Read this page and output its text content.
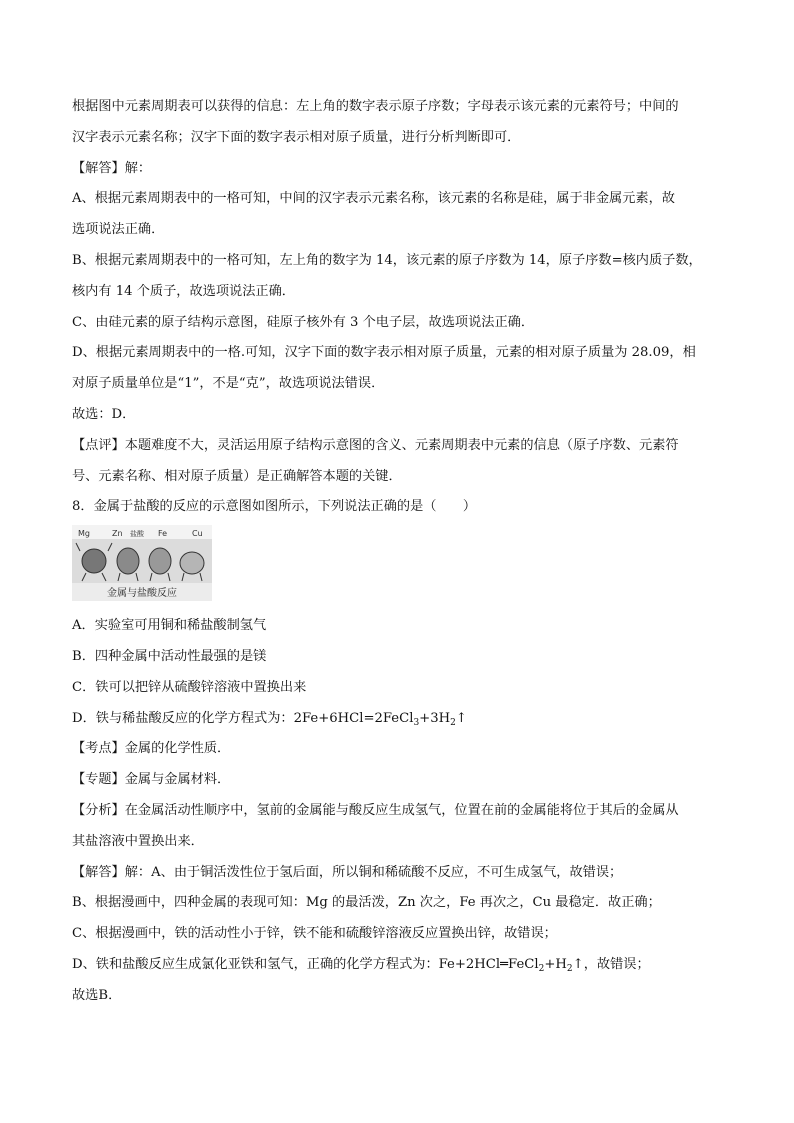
根据图中元素周期表可以获得的信息：左上角的数字表示原子序数；字母表示该元素的元素符号；中间的
汉字表示元素名称；汉字下面的数字表示相对原子质量，进行分析判断即可．
【解答】解：
A、根据元素周期表中的一格可知，中间的汉字表示元素名称，该元素的名称是硅，属于非金属元素，故
选项说法正确．
B、根据元素周期表中的一格可知，左上角的数字为 14，该元素的原子序数为 14，原子序数=核内质子数，
核内有 14 个质子，故选项说法正确．
C、由硅元素的原子结构示意图，硅原子核外有 3 个电子层，故选项说法正确．
D、根据元素周期表中的一格.可知，汉字下面的数字表示相对原子质量，元素的相对原子质量为 28.09，相
对原子质量单位是“1”，不是“克”，故选项说法错误．
故选：D．
【点评】本题难度不大，灵活运用原子结构示意图的含义、元素周期表中元素的信息（原子序数、元素符
号、元素名称、相对原子质量）是正确解答本题的关键．
8．金属于盐酸的反应的示意图如图所示，下列说法正确的是（　　）
Mg	Zn 盐酸 Fe	Cu
金属与盐酸反应
A．实验室可用铜和稀盐酸制氢气
B．四种金属中活动性最强的是镁
C．铁可以把锌从硫酸锌溶液中置换出来
D．铁与稀盐酸反应的化学方程式为：$2Fe+6HCl=2FeCl_3+3H_2↑$
【考点】金属的化学性质．
【专题】金属与金属材料．
【分析】在金属活动性顺序中，氢前的金属能与酸反应生成氢气，位置在前的金属能将位于其后的金属从
其盐溶液中置换出来．
【解答】解：A、由于铜活泼性位于氢后面，所以铜和稀硫酸不反应，不可生成氢气，故错误；
B、根据漫画中，四种金属的表现可知：Mg 的最活泼，Zn 次之，Fe 再次之，Cu 最稳定．故正确；
C、根据漫画中，铁的活动性小于锌，铁不能和硫酸锌溶液反应置换出锌，故错误；
D、铁和盐酸反应生成氯化亚铁和氢气，正确的化学方程式为：$Fe+2HCl═FeCl_2+H_2↑$，故错误；
故选B．
